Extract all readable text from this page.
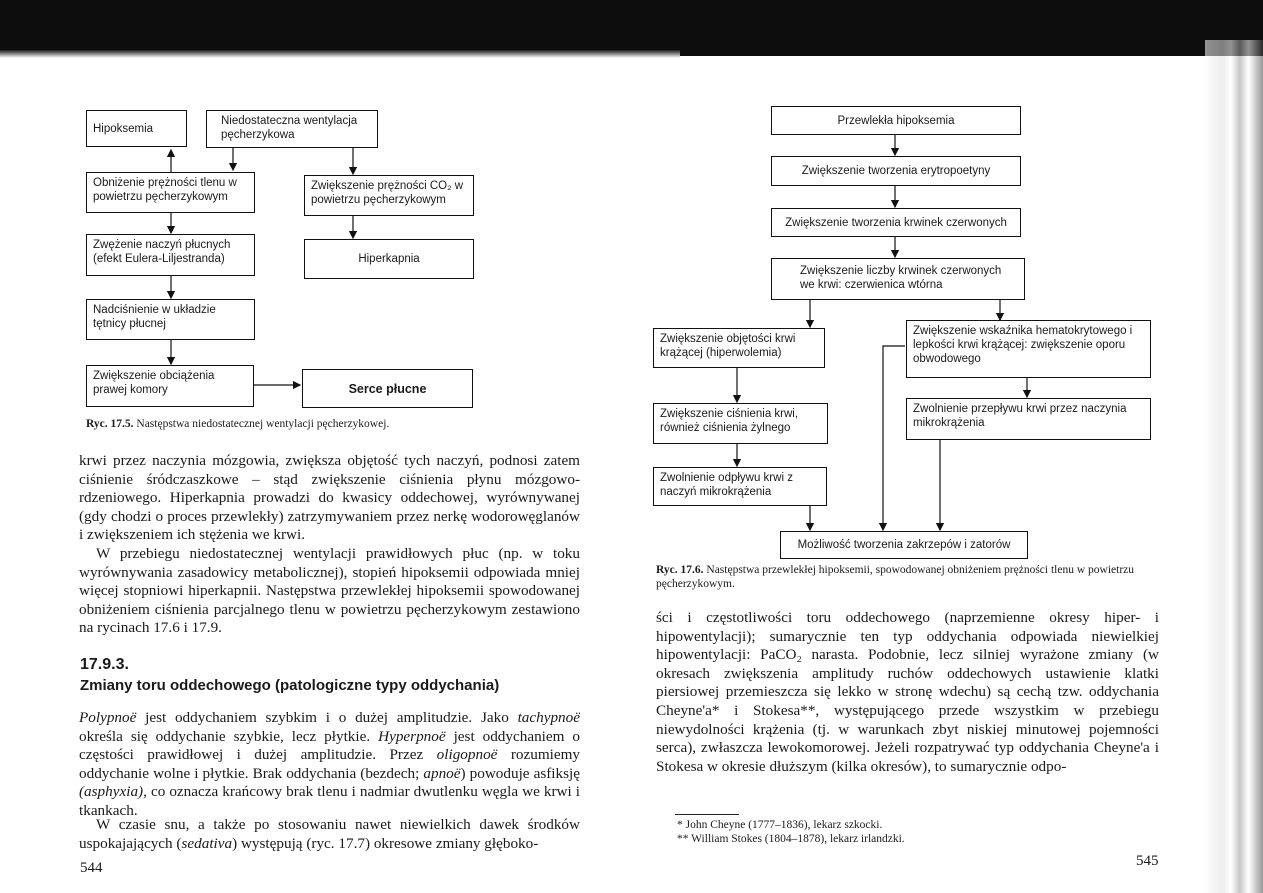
Hipoksemia
Niedostateczna wentylacja pęcherzykowa
Obniżenie prężności tlenu w powietrzu pęcherzykowym
Zwiększenie prężności CO₂ w powietrzu pęcherzykowym
Zwężenie naczyń płucnych (efekt Eulera-Liljestranda)	Hiperkapnia
Nadciśnienie w układzie tętnicy płucnej
Zwiększenie obciążenia prawej komory	Serce płucne
Ryc. 17.5. Następstwa niedostatecznej wentylacji pęcherzykowej.
krwi przez naczynia mózgowia, zwiększa objętość tych naczyń, podnosi zatem ciśnienie śródczaszkowe – stąd zwiększenie ciśnienia płynu mózgowo-rdzeniowego. Hiperkapnia prowadzi do kwasicy oddechowej, wyrównywanej (gdy chodzi o proces przewlekły) zatrzymywaniem przez nerkę wodorowęglanów i zwiększeniem ich stężenia we krwi.
W przebiegu niedostatecznej wentylacji prawidłowych płuc (np. w toku wyrównywania zasadowicy metabolicznej), stopień hipoksemii odpowiada mniej więcej stopniowi hiperkapnii. Następstwa przewlekłej hipoksemii spowodowanej obniżeniem ciśnienia parcjalnego tlenu w powietrzu pęcherzykowym zestawiono na rycinach 17.6 i 17.9.
17.9.3.
Zmiany toru oddechowego (patologiczne typy oddychania)
Polypnoë jest oddychaniem szybkim i o dużej amplitudzie. Jako tachypnoë określa się oddychanie szybkie, lecz płytkie. Hyperpnoë jest oddychaniem o częstości prawidłowej i dużej amplitudzie. Przez oligopnoë rozumiemy oddychanie wolne i płytkie. Brak oddychania (bezdech; apnoë) powoduje asfiksję (asphyxia), co oznacza krańcowy brak tlenu i nadmiar dwutlenku węgla we krwi i tkankach.
W czasie snu, a także po stosowaniu nawet niewielkich dawek środków uspokajających (sedativa) występują (ryc. 17.7) okresowe zmiany głęboko-
544
Przewlekła hipoksemia
Zwiększenie tworzenia erytropoetyny
Zwiększenie tworzenia krwinek czerwonych
Zwiększenie liczby krwinek czerwonych we krwi: czerwienica wtórna
Zwiększenie objętości krwi krążącej (hiperwolemia)
Zwiększenie wskaźnika hematokrytowego i lepkości krwi krążącej: zwiększenie oporu obwodowego
Zwiększenie ciśnienia krwi, również ciśnienia żylnego
Zwolnienie przepływu krwi przez naczynia mikrokrążenia
Zwolnienie odpływu krwi z naczyń mikrokrążenia
Możliwość tworzenia zakrzepów i zatorów
Ryc. 17.6. Następstwa przewlekłej hipoksemii, spowodowanej obniżeniem prężności tlenu w powietrzu pęcherzykowym.
ści i częstotliwości toru oddechowego (naprzemienne okresy hiper- i hipowentylacji); sumarycznie ten typ oddychania odpowiada niewielkiej hipowentylacji: PaCO₂ narasta. Podobnie, lecz silniej wyrażone zmiany (w okresach zwiększenia amplitudy ruchów oddechowych ustawienie klatki piersiowej przemieszcza się lekko w stronę wdechu) są cechą tzw. oddychania Cheyne'a* i Stokesa**, występującego przede wszystkim w przebiegu niewydolności krążenia (tj. w warunkach zbyt niskiej minutowej pojemności serca), zwłaszcza lewokomorowej. Jeżeli rozpatrywać typ oddychania Cheyne'a i Stokesa w okresie dłuższym (kilka okresów), to sumarycznie odpo-
* John Cheyne (1777–1836), lekarz szkocki.
** William Stokes (1804–1878), lekarz irlandzki.
545
